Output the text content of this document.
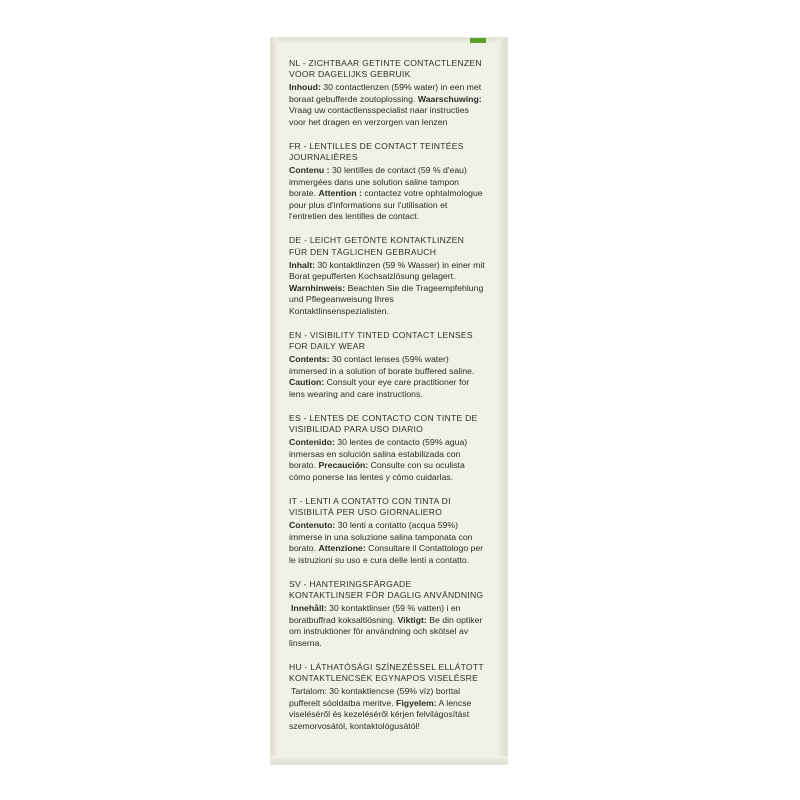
NL - ZICHTBAAR GETINTE CONTACTLENZEN VOOR DAGELIJKS GEBRUIK
Inhoud: 30 contactlenzen (59% water) in een met boraat gebufferde zoutoplossing. Waarschuwing: Vraag uw contactlensspecialist naar instructies voor het dragen en verzorgen van lenzen
FR - LENTILLES DE CONTACT TEINTÉES JOURNALIÈRES
Contenu : 30 lentilles de contact (59 % d'eau) immergées dans une solution saline tampon borate. Attention : contactez votre ophtalmologue pour plus d'informations sur l'utilisation et l'entretien des lentilles de contact.
DE - LEICHT GETÖNTE KONTAKTLINZEN FÜR DEN TÄGLICHEN GEBRAUCH
Inhalt: 30 kontaktlinzen (59 % Wasser) in einer mit Borat gepufferten Kochsalzlösung gelagert. Warnhinweis: Beachten Sie die Trageempfehlung und Pflegeanweisung Ihres Kontaktlinsenspezialisten.
EN - VISIBILITY TINTED CONTACT LENSES FOR DAILY WEAR
Contents: 30 contact lenses (59% water) immersed in a solution of borate buffered saline. Caution: Consult your eye care practitioner for lens wearing and care instructions.
ES - LENTES DE CONTACTO CON TINTE DE VISIBILIDAD PARA USO DIARIO
Contenido: 30 lentes de contacto (59% agua) inmersas en solución salina estabilizada con borato. Precaución: Consulte con su oculista cómo ponerse las lentes y cómo cuidarlas.
IT - LENTI A CONTATTO CON TINTA DI VISIBILITÀ PER USO GIORNALIERO
Contenuto: 30 lenti a contatto (acqua 59%) immerse in una soluzione salina tamponata con borato. Attenzione: Consultare il Contattologo per le istruzioni su uso e cura delle lenti a contatto.
SV - HANTERINGSFÄRGADE KONTAKTLINSER FÖR DAGLIG ANVÄNDNING
Innehåll: 30 kontaktlinser (59 % vatten) i en boratbuffrad koksaltlösning. Viktigt: Be din optiker om instruktioner för användning och skötsel av linserna.
HU - LÁTHATÓSÁGI SZÍNEZÉSSEL ELLÁTOTT KONTAKTLENCSÉK EGYNAPOS VISELÉSRE
Tartalom: 30 kontaktlencse (59% víz) borttal pufferelt sóoldatba meritve. Figyelem: A lencse viseléséről és kezeléséről kérjen felvilágosítást szemorvosától, kontaktológusától!
